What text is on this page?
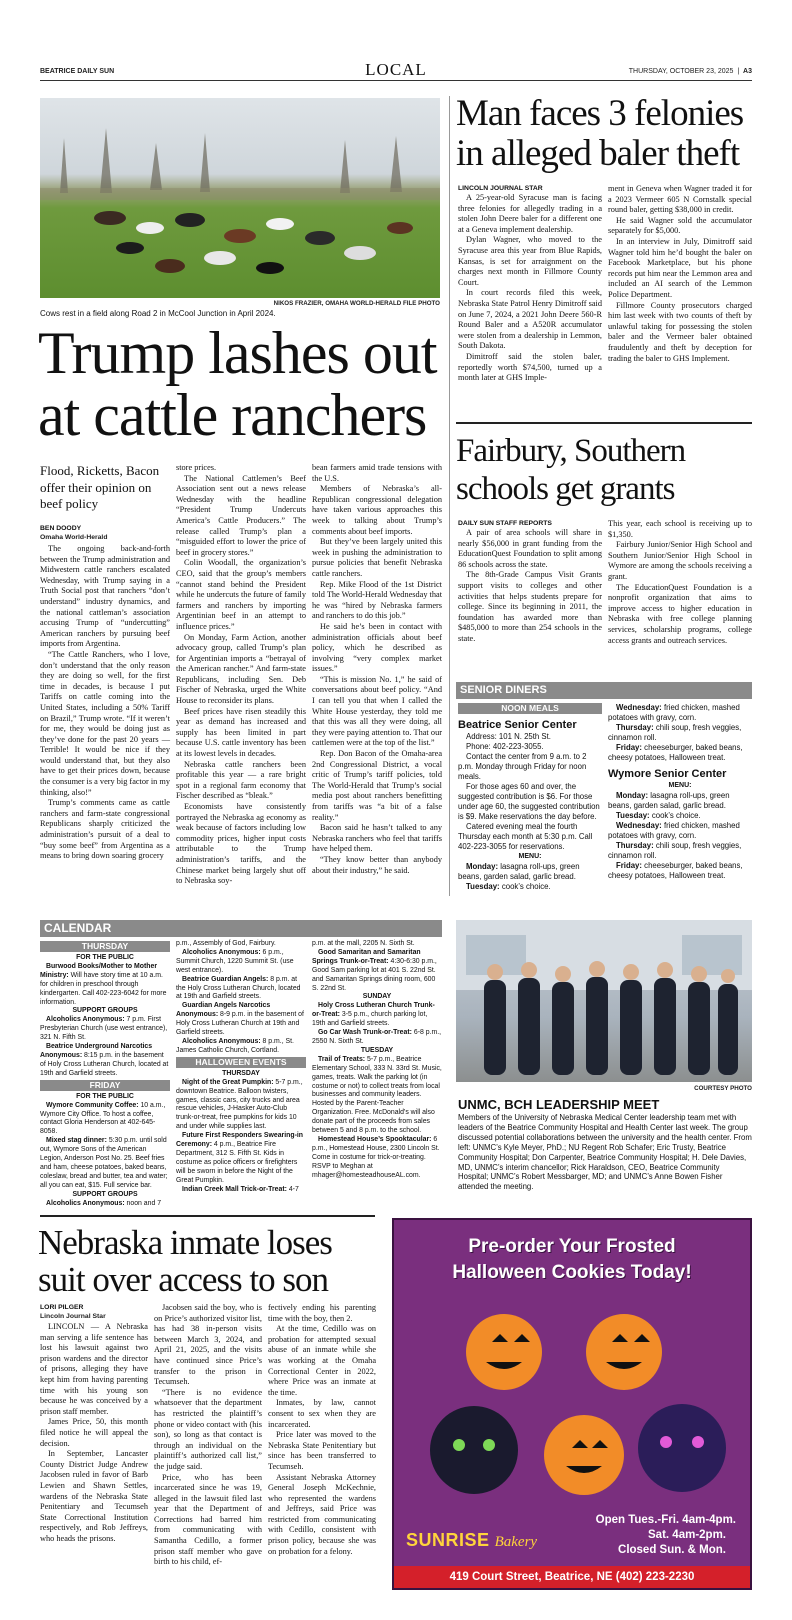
BEATRICE DAILY SUN	LOCAL	THURSDAY, OCTOBER 23, 2025  |  A3
NIKOS FRAZIER, OMAHA WORLD-HERALD FILE PHOTO
Cows rest in a field along Road 2 in McCool Junction in April 2024.
Trump lashes out at cattle ranchers
Flood, Ricketts, Bacon offer their opinion on beef policy
BEN DOODY
Omaha World-Herald

The ongoing back-and-forth between the Trump administration and Midwestern cattle ranchers escalated Wednesday, with Trump saying in a Truth Social post that ranchers “don’t understand” industry dynamics, and the national cattleman’s association accusing Trump of “undercutting” American ranchers by pursuing beef imports from Argentina.

“The Cattle Ranchers, who I love, don’t understand that the only reason they are doing so well, for the first time in decades, is because I put Tariffs on cattle coming into the United States, including a 50% Tariff on Brazil,” Trump wrote. “If it weren’t for me, they would be doing just as they’ve done for the past 20 years — Terrible! It would be nice if they would understand that, but they also have to get their prices down, because the consumer is a very big factor in my thinking, also!”

Trump’s comments came as cattle ranchers and farm-state congressional Republicans sharply criticized the administration’s pursuit of a deal to “buy some beef” from Argentina as a means to bring down soaring grocery

store prices.

The National Cattlemen’s Beef Association sent out a news release Wednesday with the headline “President Trump Undercuts America’s Cattle Producers.” The release called Trump’s plan a “misguided effort to lower the price of beef in grocery stores.”

Colin Woodall, the organization’s CEO, said that the group’s members “cannot stand behind the President while he undercuts the future of family farmers and ranchers by importing Argentinian beef in an attempt to influence prices.”

On Monday, Farm Action, another advocacy group, called Trump’s plan for Argentinian imports a “betrayal of the American rancher.” And farm-state Republicans, including Sen. Deb Fischer of Nebraska, urged the White House to reconsider its plans.

Beef prices have risen steadily this year as demand has increased and supply has been limited in part because U.S. cattle inventory has been at its lowest levels in decades.

Nebraska cattle ranchers been profitable this year — a rare bright spot in a regional farm economy that Fischer described as “bleak.”

Economists have consistently portrayed the Nebraska ag economy as weak because of factors including low commodity prices, higher input costs attributable to the Trump administration’s tariffs, and the Chinese market being largely shut off to Nebraska soy-

bean farmers amid trade tensions with the U.S.

Members of Nebraska’s all-Republican congressional delegation have taken various approaches this week to talking about Trump’s comments about beef imports.

But they’ve been largely united this week in pushing the administration to pursue policies that benefit Nebraska cattle ranchers.

Rep. Mike Flood of the 1st District told The World-Herald Wednesday that he was “hired by Nebraska farmers and ranchers to do this job.”

He said he’s been in contact with administration officials about beef policy, which he described as involving “very complex market issues.”

“This is mission No. 1,” he said of conversations about beef policy. “And I can tell you that when I called the White House yesterday, they told me that this was all they were doing, all they were paying attention to. That our cattlemen were at the top of the list.”

Rep. Don Bacon of the Omaha-area 2nd Congressional District, a vocal critic of Trump’s tariff policies, told The World-Herald that Trump’s social media post about ranchers benefitting from tariffs was “a bit of a false reality.”

Bacon said he hasn’t talked to any Nebraska ranchers who feel that tariffs have helped them.

“They know better than anybody about their industry,” he said.

Man faces 3 felonies in alleged baler theft
LINCOLN JOURNAL STAR

A 25-year-old Syracuse man is facing three felonies for allegedly trading in a stolen John Deere baler for a different one at a Geneva implement dealership.

Dylan Wagner, who moved to the Syracuse area this year from Blue Rapids, Kansas, is set for arraignment on the charges next month in Fillmore County Court.

In court records filed this week, Nebraska State Patrol Henry Dimitroff said on June 7, 2024, a 2021 John Deere 560-R Round Baler and a A520R accumulator were stolen from a dealership in Lemmon, South Dakota.

Dimitroff said the stolen baler, reportedly worth $74,500, turned up a month later at GHS Imple-

ment in Geneva when Wagner traded it for a 2023 Vermeer 605 N Cornstalk special round baler, getting $38,000 in credit.

He said Wagner sold the accumulator separately for $5,000.

In an interview in July, Dimitroff said Wagner told him he’d bought the baler on Facebook Marketplace, but his phone records put him near the Lemmon area and included an AI search of the Lemmon Police Department.

Fillmore County prosecutors charged him last week with two counts of theft by unlawful taking for possessing the stolen baler and the Vermeer baler obtained fraudulently and theft by deception for trading the baler to GHS Implement.

Fairbury, Southern schools get grants
DAILY SUN STAFF REPORTS

A pair of area schools will share in nearly $56,000 in grant funding from the EducationQuest Foundation to split among 86 schools across the state.

The 8th-Grade Campus Visit Grants support visits to colleges and other activities that helps students prepare for college. Since its beginning in 2011, the foundation has awarded more than $485,000 to more than 254 schools in the state.

This year, each school is receiving up to $1,350.

Fairbury Junior/Senior High School and Southern Junior/Senior High School in Wymore are among the schools receiving a grant.

The EducationQuest Foundation is a nonprofit organization that aims to improve access to higher education in Nebraska with free college planning services, scholarship programs, college access grants and outreach services.

SENIOR DINERS
NOON MEALS
Beatrice Senior Center
Address: 101 N. 25th St.
Phone: 402-223-3055.
Contact the center from 9 a.m. to 2 p.m. Monday through Friday for noon meals.
For those ages 60 and over, the suggested contribution is $6. For those under age 60, the suggested contribution is $9. Make reservations the day before.
Catered evening meal the fourth Thursday each month at 5:30 p.m. Call 402-223-3055 for reservations.
MENU:
Monday: lasagna roll-ups, green beans, garden salad, garlic bread.
Tuesday: cook’s choice.
Wednesday: fried chicken, mashed potatoes with gravy, corn.
Thursday: chili soup, fresh veggies, cinnamon roll.
Friday: cheeseburger, baked beans, cheesy potatoes, Halloween treat.
Wymore Senior Center
MENU:
Monday: lasagna roll-ups, green beans, garden salad, garlic bread.
Tuesday: cook’s choice.
Wednesday: fried chicken, mashed potatoes with gravy, corn.
Thursday: chili soup, fresh veggies, cinnamon roll.
Friday: cheeseburger, baked beans, cheesy potatoes, Halloween treat.
CALENDAR
THURSDAY
FOR THE PUBLIC
Burwood Books/Mother to Mother Ministry: Will have story time at 10 a.m. for children in preschool through kindergarten. Call 402-223-6042 for more information.
SUPPORT GROUPS
Alcoholics Anonymous: 7 p.m. First Presbyterian Church (use west entrance), 321 N. Fifth St.
Beatrice Underground Narcotics Anonymous: 8:15 p.m. in the basement of Holy Cross Lutheran Church, located at 19th and Garfield streets.
FRIDAY
FOR THE PUBLIC
Wymore Community Coffee: 10 a.m., Wymore City Office. To host a coffee, contact Gloria Henderson at 402-645-8058.
Mixed stag dinner: 5:30 p.m. until sold out, Wymore Sons of the American Legion, Anderson Post No. 25. Beef fries and ham, cheese potatoes, baked beans, coleslaw, bread and butter, tea and water; all you can eat, $15. Full service bar.
SUPPORT GROUPS
Alcoholics Anonymous: noon and 7
p.m., Assembly of God, Fairbury.
Alcoholics Anonymous: 6 p.m., Summit Church, 1220 Summit St. (use west entrance).
Beatrice Guardian Angels: 8 p.m. at the Holy Cross Lutheran Church, located at 19th and Garfield streets.
Guardian Angels Narcotics Anonymous: 8-9 p.m. in the basement of Holy Cross Lutheran Church at 19th and Garfield streets.
Alcoholics Anonymous: 8 p.m., St. James Catholic Church, Cortland.
HALLOWEEN EVENTS
THURSDAY
Night of the Great Pumpkin: 5-7 p.m., downtown Beatrice. Balloon twisters, games, classic cars, city trucks and area rescue vehicles, J-Hasker Auto-Club trunk-or-treat, free pumpkins for kids 10 and under while supplies last.
Future First Responders Swearing-in Ceremony: 4 p.m., Beatrice Fire Department, 312 S. Fifth St. Kids in costume as police officers or firefighters will be sworn in before the Night of the Great Pumpkin.
Indian Creek Mall Trick-or-Treat: 4-7
p.m. at the mall, 2205 N. Sixth St.
Good Samaritan and Samaritan Springs Trunk-or-Treat: 4:30-6:30 p.m., Good Sam parking lot at 401 S. 22nd St. and Samaritan Springs dining room, 600 S. 22nd St.
SUNDAY
Holy Cross Lutheran Church Trunk-or-Treat: 3-5 p.m., church parking lot, 19th and Garfield streets.
Go Car Wash Trunk-or-Treat: 6-8 p.m., 2550 N. Sixth St.
TUESDAY
Trail of Treats: 5-7 p.m., Beatrice Elementary School, 333 N. 33rd St. Music, games, treats. Walk the parking lot (in costume or not) to collect treats from local businesses and community leaders. Hosted by the Parent-Teacher Organization. Free. McDonald’s will also donate part of the proceeds from sales between 5 and 8 p.m. to the school.
Homestead House’s Spooktacular: 6 p.m., Homestead House, 2300 Lincoln St. Come in costume for trick-or-treating. RSVP to Meghan at mhager@homesteadhouseAL.com.
COURTESY PHOTO
UNMC, BCH LEADERSHIP MEET
Members of the University of Nebraska Medical Center leadership team met with leaders of the Beatrice Community Hospital and Health Center last week. The group discussed potential collaborations between the university and the health center. From left: UNMC’s Kyle Meyer, PhD.; NU Regent Rob Schafer; Eric Trusty, Beatrice Community Hospital; Don Carpenter, Beatrice Community Hospital; H. Dele Davies, MD, UNMC’s interim chancellor; Rick Haraldson, CEO, Beatrice Community Hospital; UNMC’s Robert Messbarger, MD; and UNMC’s Anne Bowen Fisher attended the meeting.
Nebraska inmate loses suit over access to son
LORI PILGER
Lincoln Journal Star

LINCOLN — A Nebraska man serving a life sentence has lost his lawsuit against two prison wardens and the director of prisons, alleging they have kept him from having parenting time with his young son because he was conceived by a prison staff member.

James Price, 50, this month filed notice he will appeal the decision.

In September, Lancaster County District Judge Andrew Jacobsen ruled in favor of Barb Lewien and Shawn Settles, wardens of the Nebraska State Penitentiary and Tecumseh State Correctional Institution respectively, and Rob Jeffreys, who heads the prisons.

Jacobsen said the boy, who is on Price’s authorized visitor list, has had 38 in-person visits between March 3, 2024, and April 21, 2025, and the visits have continued since Price’s transfer to the prison in Tecumseh.

“There is no evidence whatsoever that the department has restricted the plaintiff’s phone or video contact with (his son), so long as that contact is through an individual on the plaintiff’s authorized call list,” the judge said.

Price, who has been incarcerated since he was 19, alleged in the lawsuit filed last year that the Department of Corrections had barred him from communicating with Samantha Cedillo, a former prison staff member who gave birth to his child, ef-

fectively ending his parenting time with the boy, then 2.

At the time, Cedillo was on probation for attempted sexual abuse of an inmate while she was working at the Omaha Correctional Center in 2022, where Price was an inmate at the time.

Inmates, by law, cannot consent to sex when they are incarcerated.

Price later was moved to the Nebraska State Penitentiary but since has been transferred to Tecumseh.

Assistant Nebraska Attorney General Joseph McKechnie, who represented the wardens and Jeffreys, said Price was restricted from communicating with Cedillo, consistent with prison policy, because she was on probation for a felony.

Pre-order Your Frosted
Halloween Cookies Today!
Open Tues.-Fri. 4am-4pm.
Sat. 4am-2pm.
Closed Sun. & Mon.
SUNRISE Bakery
419 Court Street, Beatrice, NE (402) 223-2230
